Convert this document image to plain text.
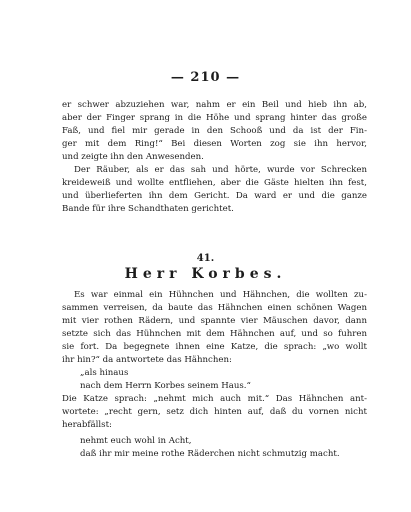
— 210 —
er schwer abzuziehen war, nahm er ein Beil und hieb ihn ab,
aber der Finger sprang in die Höhe und sprang hinter das große
Faß, und fiel mir gerade in den Schooß und da ist der Fin-
ger mit dem Ring!“ Bei diesen Worten zog sie ihn hervor,
und zeigte ihn den Anwesenden.
Der Räuber, als er das sah und hörte, wurde vor Schrecken
kreideweiß und wollte entfliehen, aber die Gäste hielten ihn fest,
und überlieferten ihn dem Gericht. Da ward er und die ganze
Bande für ihre Schandthaten gerichtet.
41.
Herr Korbes.
Es war einmal ein Hühnchen und Hähnchen, die wollten zu-
sammen verreisen, da baute das Hähnchen einen schönen Wagen
mit vier rothen Rädern, und spannte vier Mäuschen davor, dann
setzte sich das Hühnchen mit dem Hähnchen auf, und so fuhren
sie fort. Da begegnete ihnen eine Katze, die sprach: „wo wollt
ihr hin?“ da antwortete das Hähnchen:
„als hinaus
nach dem Herrn Korbes seinem Haus.“
Die Katze sprach: „nehmt mich auch mit.“ Das Hähnchen ant-
wortete: „recht gern, setz dich hinten auf, daß du vornen nicht
herabfällst:
nehmt euch wohl in Acht,
daß ihr mir meine rothe Räderchen nicht schmutzig macht.
